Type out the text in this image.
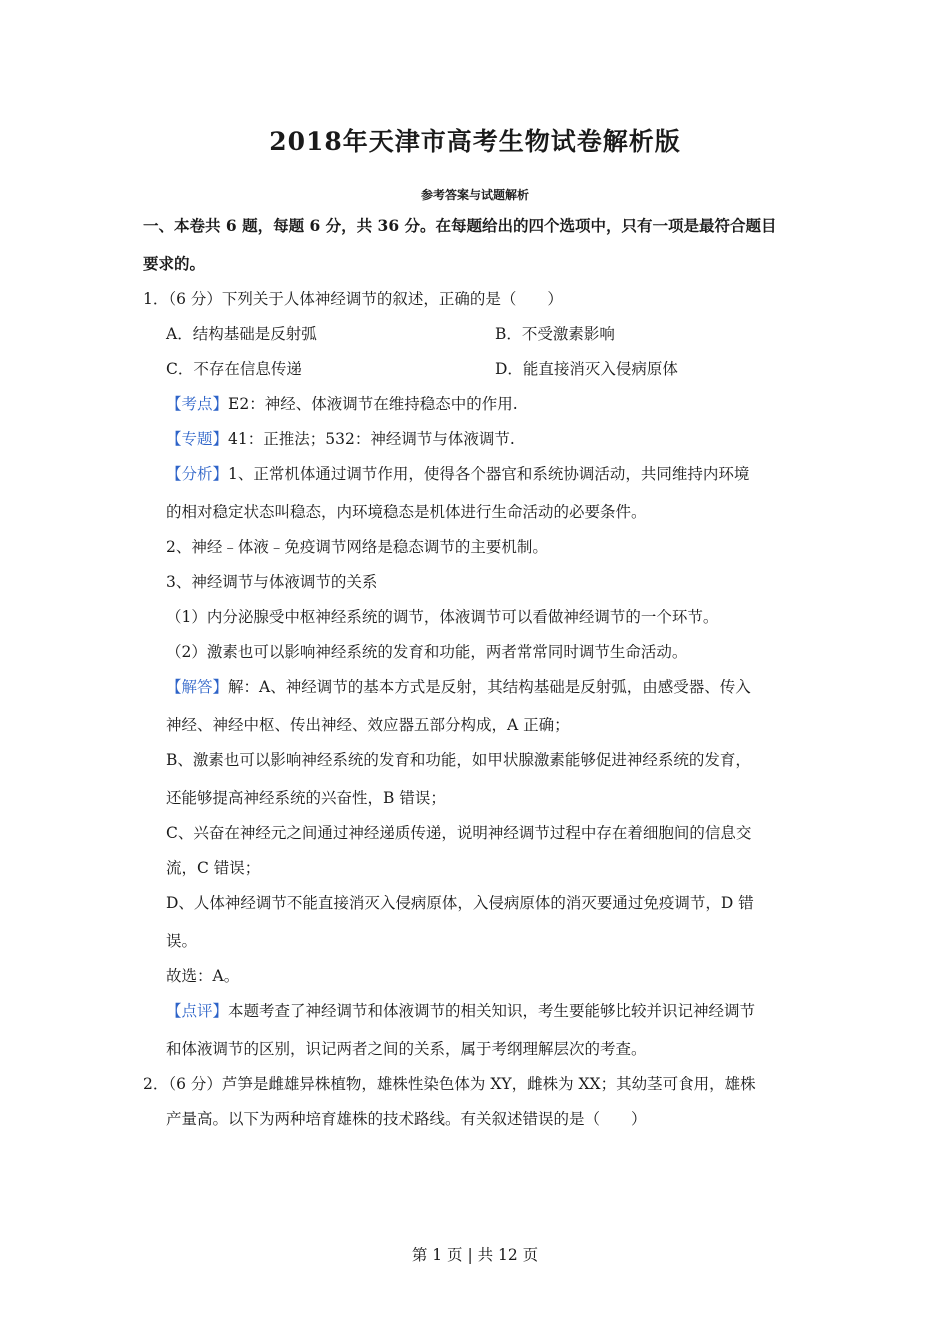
2018年天津市高考生物试卷解析版
参考答案与试题解析
一、本卷共 6 题，每题 6 分，共 36 分。在每题给出的四个选项中，只有一项是最符合题目
要求的。
1．（6 分）下列关于人体神经调节的叙述，正确的是（　　）
A．结构基础是反射弧	B．不受激素影响
C．不存在信息传递	D．能直接消灭入侵病原体
【考点】E2：神经、体液调节在维持稳态中的作用.
【专题】41：正推法；532：神经调节与体液调节.
【分析】1、正常机体通过调节作用，使得各个器官和系统协调活动，共同维持内环境
的相对稳定状态叫稳态，内环境稳态是机体进行生命活动的必要条件。
2、神经﹣体液﹣免疫调节网络是稳态调节的主要机制。
3、神经调节与体液调节的关系
（1）内分泌腺受中枢神经系统的调节，体液调节可以看做神经调节的一个环节。
（2）激素也可以影响神经系统的发育和功能，两者常常同时调节生命活动。
【解答】解：A、神经调节的基本方式是反射，其结构基础是反射弧，由感受器、传入
神经、神经中枢、传出神经、效应器五部分构成，A 正确；
B、激素也可以影响神经系统的发育和功能，如甲状腺激素能够促进神经系统的发育，
还能够提高神经系统的兴奋性，B 错误；
C、兴奋在神经元之间通过神经递质传递，说明神经调节过程中存在着细胞间的信息交
流，C 错误；
D、人体神经调节不能直接消灭入侵病原体，入侵病原体的消灭要通过免疫调节，D 错
误。
故选：A。
【点评】本题考查了神经调节和体液调节的相关知识，考生要能够比较并识记神经调节
和体液调节的区别，识记两者之间的关系，属于考纲理解层次的考查。
2．（6 分）芦笋是雌雄异株植物，雄株性染色体为 XY，雌株为 XX；其幼茎可食用，雄株
产量高。以下为两种培育雄株的技术路线。有关叙述错误的是（　　）
第 1 页 | 共 12 页
